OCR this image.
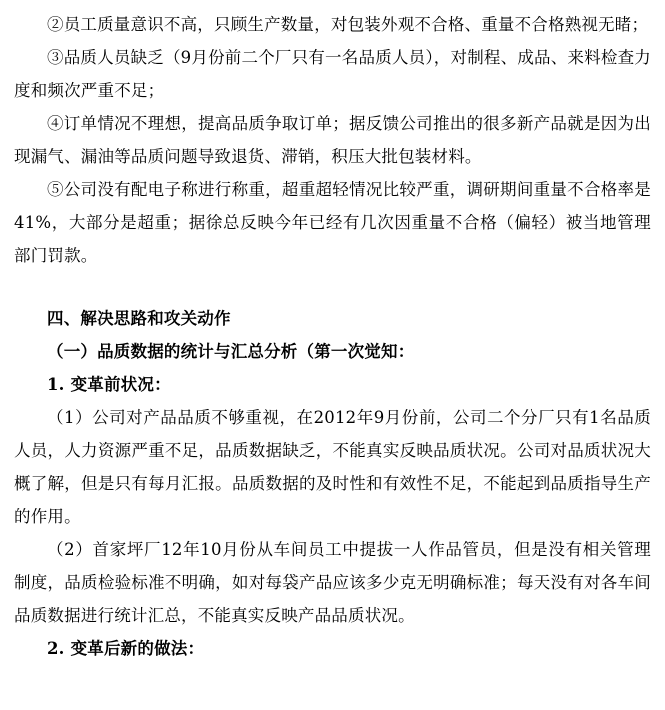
②员工质量意识不高，只顾生产数量，对包装外观不合格、重量不合格熟视无睹；
③品质人员缺乏（9月份前二个厂只有一名品质人员），对制程、成品、来料检查力度和频次严重不足；
④订单情况不理想，提高品质争取订单；据反馈公司推出的很多新产品就是因为出现漏气、漏油等品质问题导致退货、滞销，积压大批包装材料。
⑤公司没有配电子称进行称重，超重超轻情况比较严重，调研期间重量不合格率是41%，大部分是超重；据徐总反映今年已经有几次因重量不合格（偏轻）被当地管理部门罚款。
四、解决思路和攻关动作
（一）品质数据的统计与汇总分析（第一次觉知：
1. 变革前状况：
（1）公司对产品品质不够重视，在2012年9月份前，公司二个分厂只有1名品质人员，人力资源严重不足，品质数据缺乏，不能真实反映品质状况。公司对品质状况大概了解，但是只有每月汇报。品质数据的及时性和有效性不足，不能起到品质指导生产的作用。
（2）首家坪厂12年10月份从车间员工中提拔一人作品管员，但是没有相关管理制度，品质检验标准不明确，如对每袋产品应该多少克无明确标准；每天没有对各车间品质数据进行统计汇总，不能真实反映产品品质状况。
2. 变革后新的做法：
